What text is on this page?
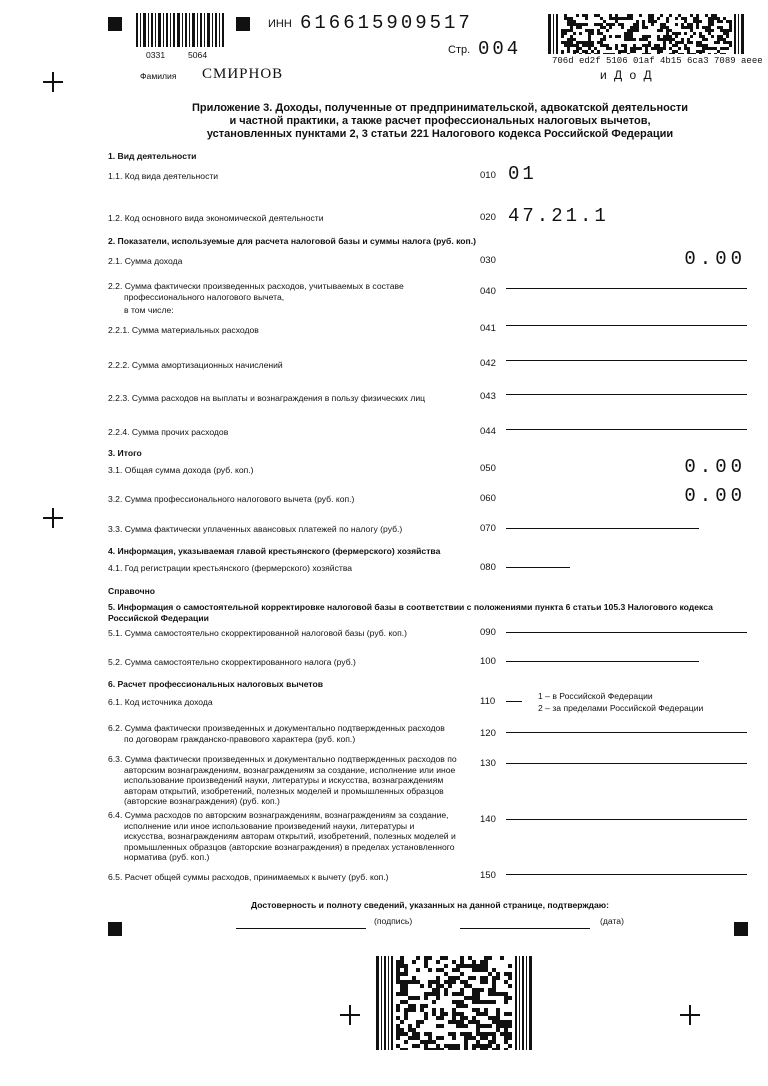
0331	5064
ИНН 616615909517
Стр. 004
706d ed2f 5106 01af 4b15 6ca3 7089 aeee
и Д о Д
Фамилия СМИРНОВ
Приложение 3. Доходы, полученные от предпринимательской, адвокатской деятельности
и частной практики, а также расчет профессиональных налоговых вычетов,
установленных пунктами 2, 3 статьи 221 Налогового кодекса Российской Федерации
1. Вид деятельности
1.1. Код вида деятельности	010 01
1.2. Код основного вида экономической деятельности	020 47.21.1
2. Показатели, используемые для расчета налоговой базы и суммы налога (руб. коп.)
2.1. Сумма дохода	030	0.00
2.2. Сумма фактически произведенных расходов, учитываемых в составе
профессионального налогового вычета,
в том числе:
040
2.2.1. Сумма материальных расходов	041
2.2.2. Сумма амортизационных начислений	042
2.2.3. Сумма расходов на выплаты и вознаграждения в пользу физических лиц	043
2.2.4. Сумма прочих расходов	044
3. Итого
3.1. Общая сумма дохода (руб. коп.)	050	0.00
3.2. Сумма профессионального налогового вычета (руб. коп.)	060	0.00
3.3. Сумма фактически уплаченных авансовых платежей по налогу (руб.)	070
4. Информация, указываемая главой крестьянского (фермерского) хозяйства
4.1. Год регистрации крестьянского (фермерского) хозяйства	080
Справочно
5. Информация о самостоятельной корректировке налоговой базы в соответствии с положениями пункта 6 статьи 105.3 Налогового кодекса
Российской Федерации
5.1. Сумма самостоятельно скорректированной налоговой базы (руб. коп.)	090
5.2. Сумма самостоятельно скорректированного налога (руб.)	100
6. Расчет профессиональных налоговых вычетов
6.1. Код источника дохода	110	1 – в Российской Федерации
2 – за пределами Российской Федерации
6.2. Сумма фактически произведенных и документально подтвержденных расходов
по договорам гражданско-правового характера (руб. коп.)	120
6.3. Сумма фактически произведенных и документально подтвержденных расходов по
авторским вознаграждениям, вознаграждениям за создание, исполнение или иное
использование произведений науки, литературы и искусства, вознаграждениям
авторам открытий, изобретений, полезных моделей и промышленных образцов
(авторские вознаграждения) (руб. коп.)
130
6.4. Сумма расходов по авторским вознаграждениям, вознаграждениям за создание,
исполнение или иное использование произведений науки, литературы и
искусства, вознаграждениям авторам открытий, изобретений, полезных моделей и
промышленных образцов (авторские вознаграждения) в пределах установленного
норматива (руб. коп.)
140
6.5. Расчет общей суммы расходов, принимаемых к вычету (руб. коп.)	150
Достоверность и полноту сведений, указанных на данной странице, подтверждаю:
(подпись)	(дата)
